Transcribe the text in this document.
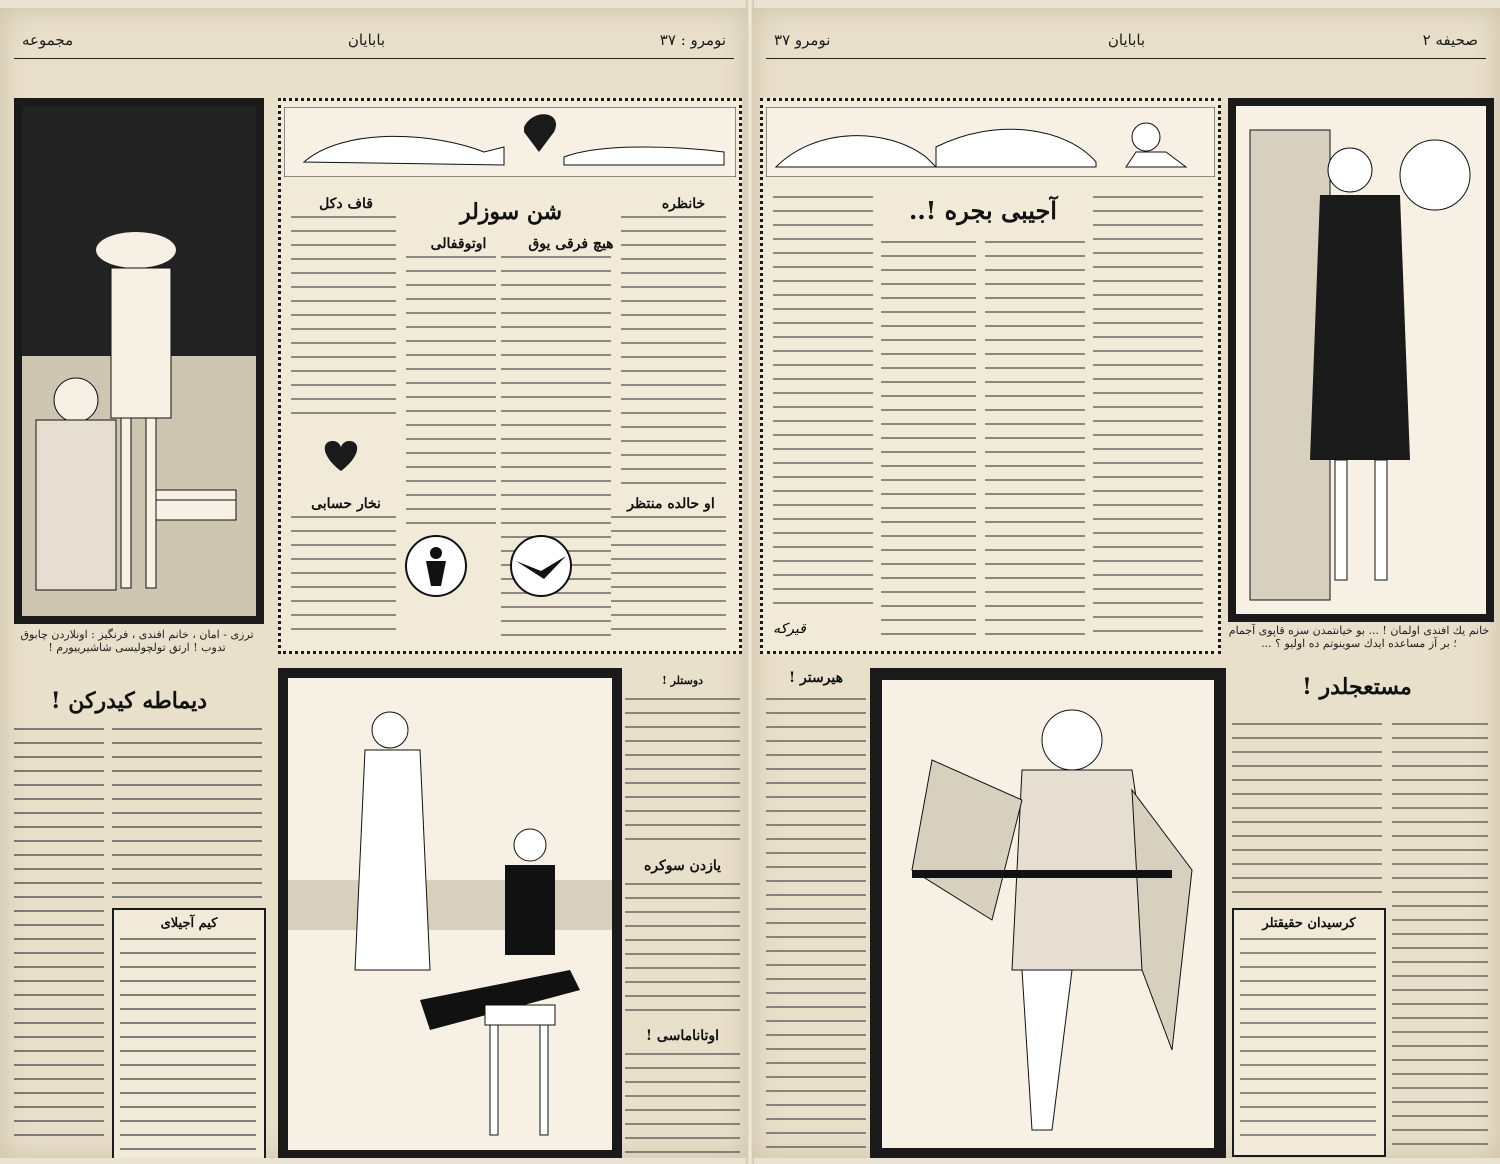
نومرو : ۳۷
بابایان
مجموعه
ترزی - امان ، خانم افندی ، فرنگیز : اونلاردن چابوق تدوب ! ارتق تولچولیسی شاشیرییورم !
دیماطه کیدرکن !
کیم آجیلای
شن سوزلر	خانظره
هیچ فرقی یوق
اوتوقفالی
قاف دکل
نخار حسابی	او حالده منتظر
دوستلر !
یازدن سوکره
اوتاناماسی !
صحیفه ۲
بابایان
نومرو ۳۷
آجیبی بجره !..
قیرکه	خانم یك افندی اولمان ! ... بو خیانتمدن سزه قاپوی آجمام ؛ بر آز مساعده ایدك سوینوتم ده اوليو ؟ ...
هیرستر !	مستعجلدر !
کرسیدان حقیقتلر
